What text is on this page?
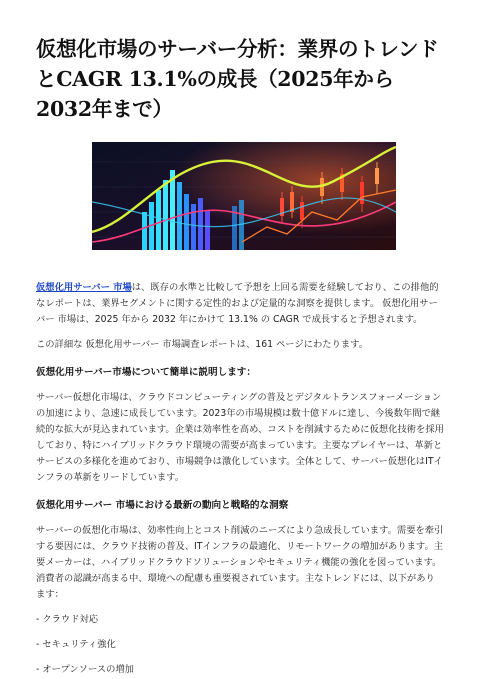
仮想化市場のサーバー分析：業界のトレンドとCAGR 13.1%の成長（2025年から2032年まで）

仮想化用サーバー 市場は、既存の水準と比較して予想を上回る需要を経験しており、この排他的なレポートは、業界セグメントに関する定性的および定量的な洞察を提供します。 仮想化用サーバー 市場は、2025 年から 2032 年にかけて 13.1% の CAGR で成長すると予想されます。

この詳細な 仮想化用サーバー 市場調査レポートは、161 ページにわたります。

仮想化用サーバー市場について簡単に説明します：

サーバー仮想化市場は、クラウドコンピューティングの普及とデジタルトランスフォーメーションの加速により、急速に成長しています。2023年の市場規模は数十億ドルに達し、今後数年間で継続的な拡大が見込まれています。企業は効率性を高め、コストを削減するために仮想化技術を採用しており、特にハイブリッドクラウド環境の需要が高まっています。主要なプレイヤーは、革新とサービスの多様化を進めており、市場競争は激化しています。全体として、サーバー仮想化はITインフラの革新をリードしています。

仮想化用サーバー 市場における最新の動向と戦略的な洞察

サーバーの仮想化市場は、効率性向上とコスト削減のニーズにより急成長しています。需要を牽引する要因には、クラウド技術の普及、ITインフラの最適化、リモートワークの増加があります。主要メーカーは、ハイブリッドクラウドソリューションやセキュリティ機能の強化を図っています。消費者の認識が高まる中、環境への配慮も重要視されています。主なトレンドには、以下があります：

- クラウド対応

- セキュリティ強化

- オープンソースの増加
